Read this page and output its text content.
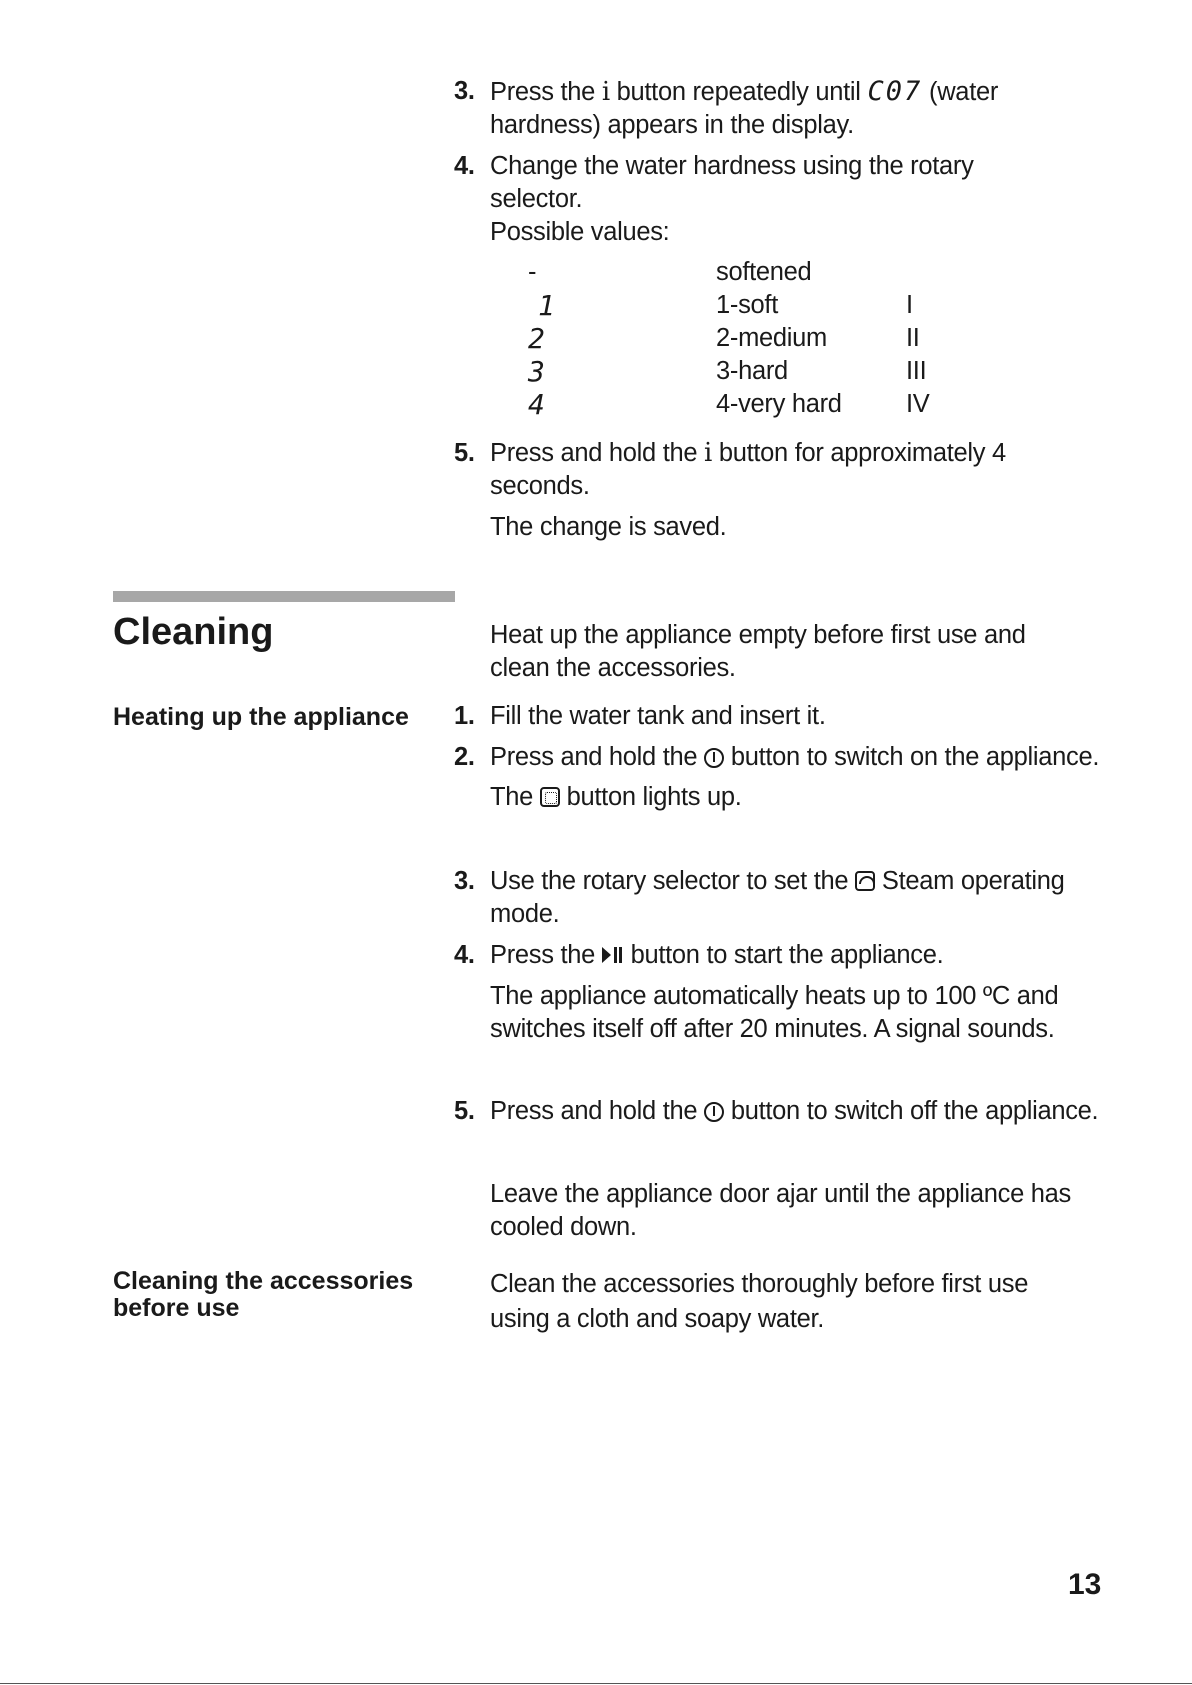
3. Press the i button repeatedly until C07 (water hardness) appears in the display.
4. Change the water hardness using the rotary
selector.
Possible values:
-	softened
1	1-soft	I
2	2-medium	II
3	3-hard	III
4	4-very hard	IV
5. Press and hold the i button for approximately 4 seconds.
The change is saved.
Cleaning	Heat up the appliance empty before first use and clean the accessories.
Heating up the appliance 1. Fill the water tank and insert it.
2. Press and hold the  button to switch on the appliance.
The  button lights up.
3. Use the rotary selector to set the  Steam operating mode.
4. Press the
button to start the appliance.
The appliance automatically heats up to 100 ºC and switches itself off after 20 minutes. A signal sounds.
5. Press and hold the  button to switch off the appliance.
Leave the appliance door ajar until the appliance has cooled down.
Cleaning the accessories
before use
Clean the accessories thoroughly before first use
using a cloth and soapy water.
13
